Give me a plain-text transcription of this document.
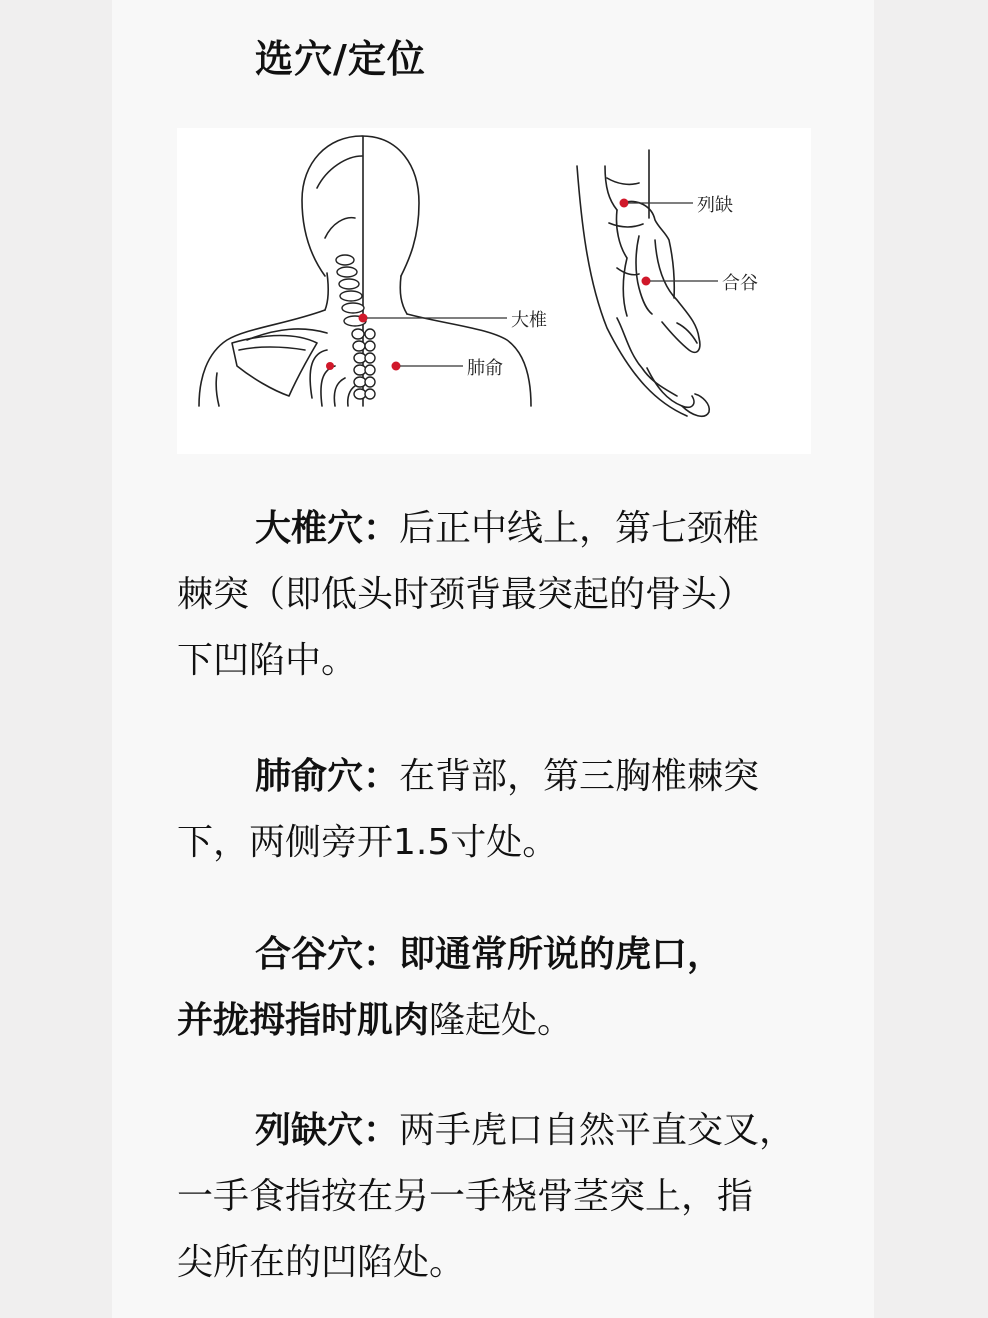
选穴/定位
大椎
肺俞
列缺
合谷
大椎穴：后正中线上，第七颈椎
棘突（即低头时颈背最突起的骨头）
下凹陷中。
肺俞穴：在背部，第三胸椎棘突
下，两侧旁开1.5寸处。
合谷穴：即通常所说的虎口，
并拢拇指时肌肉隆起处。
列缺穴：两手虎口自然平直交叉，
一手食指按在另一手桡骨茎突上，指
尖所在的凹陷处。
